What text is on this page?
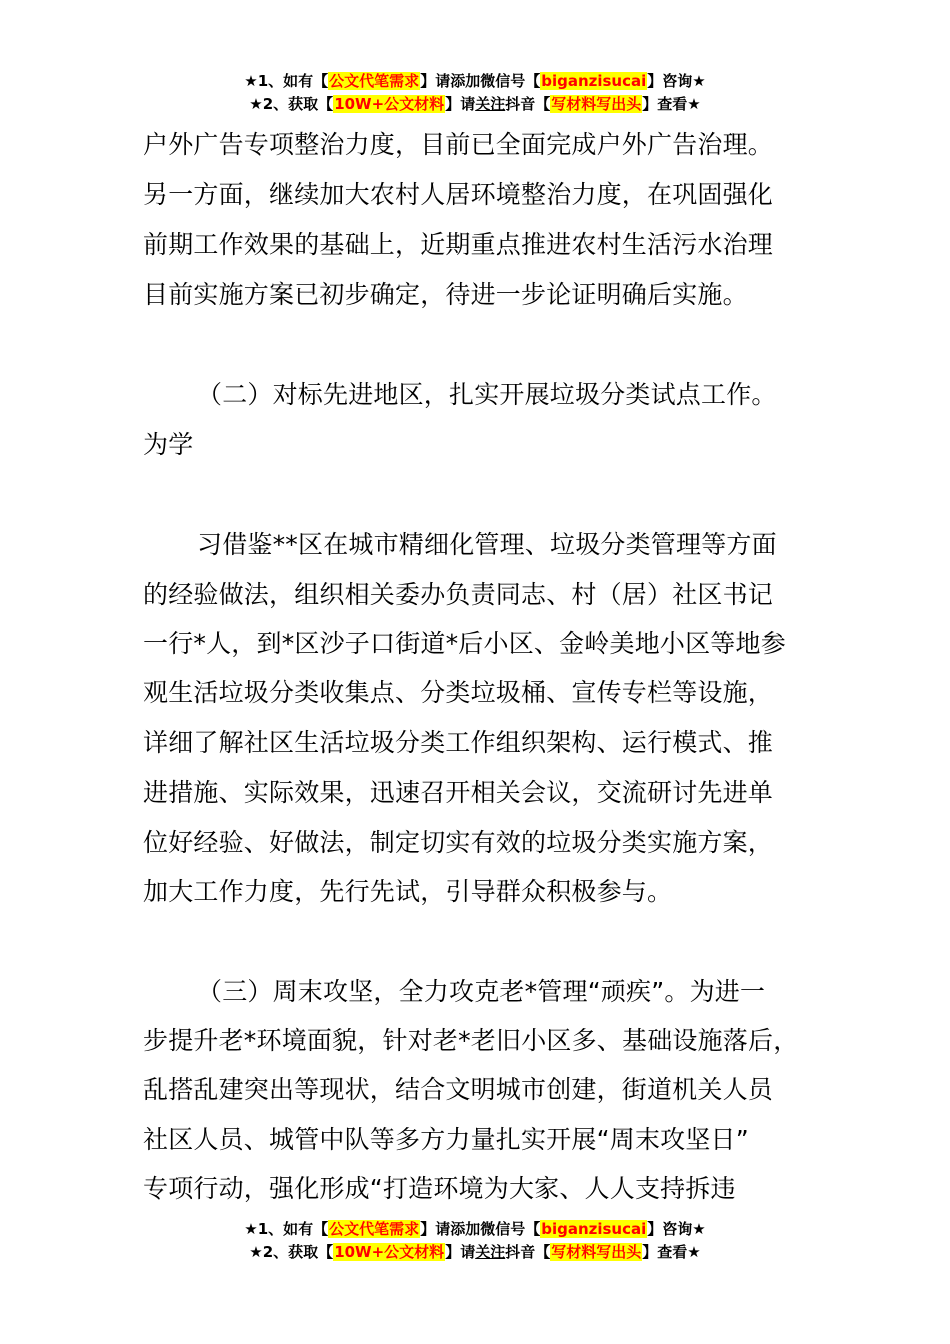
★1、如有【公文代笔需求】请添加微信号【biganzisucai】咨询★
★2、获取【10W+公文材料】请关注抖音【写材料写出头】查看★
户外广告专项整治力度，目前已全面完成户外广告治理。
另一方面，继续加大农村人居环境整治力度，在巩固强化
前期工作效果的基础上，近期重点推进农村生活污水治理
目前实施方案已初步确定，待进一步论证明确后实施。
（二）对标先进地区，扎实开展垃圾分类试点工作。
为学
习借鉴**区在城市精细化管理、垃圾分类管理等方面
的经验做法，组织相关委办负责同志、村（居）社区书记
一行*人，到*区沙子口街道*后小区、金岭美地小区等地参
观生活垃圾分类收集点、分类垃圾桶、宣传专栏等设施，
详细了解社区生活垃圾分类工作组织架构、运行模式、推
进措施、实际效果，迅速召开相关会议，交流研讨先进单
位好经验、好做法，制定切实有效的垃圾分类实施方案，
加大工作力度，先行先试，引导群众积极参与。
（三）周末攻坚，全力攻克老*管理“顽疾”。为进一
步提升老*环境面貌，针对老*老旧小区多、基础设施落后，
乱搭乱建突出等现状，结合文明城市创建，街道机关人员
社区人员、城管中队等多方力量扎实开展“周末攻坚日”
专项行动，强化形成“打造环境为大家、人人支持拆违
★1、如有【公文代笔需求】请添加微信号【biganzisucai】咨询★
★2、获取【10W+公文材料】请关注抖音【写材料写出头】查看★
